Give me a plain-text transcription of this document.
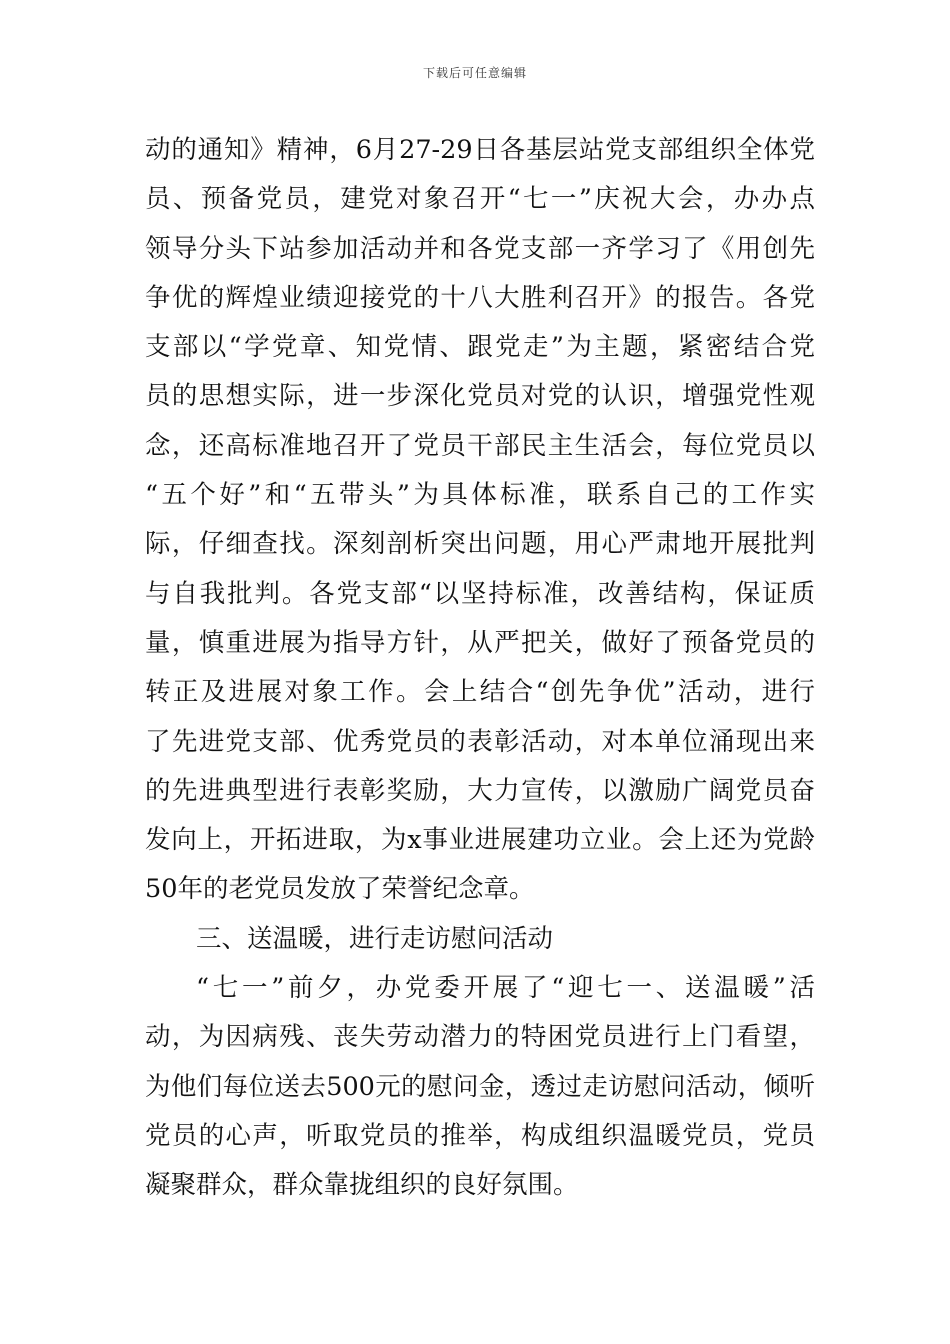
下载后可任意编辑
动的通知》精神，6月27-29日各基层站党支部组织全体党
员、预备党员，建党对象召开“七一”庆祝大会，办办点
领导分头下站参加活动并和各党支部一齐学习了《用创先
争优的辉煌业绩迎接党的十八大胜利召开》的报告。各党
支部以“学党章、知党情、跟党走”为主题，紧密结合党
员的思想实际，进一步深化党员对党的认识，增强党性观
念，还高标准地召开了党员干部民主生活会，每位党员以
“五个好”和“五带头”为具体标准，联系自己的工作实
际，仔细查找。深刻剖析突出问题，用心严肃地开展批判
与自我批判。各党支部“以坚持标准，改善结构，保证质
量，慎重进展为指导方针，从严把关，做好了预备党员的
转正及进展对象工作。会上结合“创先争优”活动，进行
了先进党支部、优秀党员的表彰活动，对本单位涌现出来
的先进典型进行表彰奖励，大力宣传，以激励广阔党员奋
发向上，开拓进取，为x事业进展建功立业。会上还为党龄
50年的老党员发放了荣誉纪念章。
三、送温暖，进行走访慰问活动
“七一”前夕，办党委开展了“迎七一、送温暖”活
动，为因病残、丧失劳动潜力的特困党员进行上门看望，
为他们每位送去500元的慰问金，透过走访慰问活动，倾听
党员的心声，听取党员的推举，构成组织温暖党员，党员
凝聚群众，群众靠拢组织的良好氛围。
